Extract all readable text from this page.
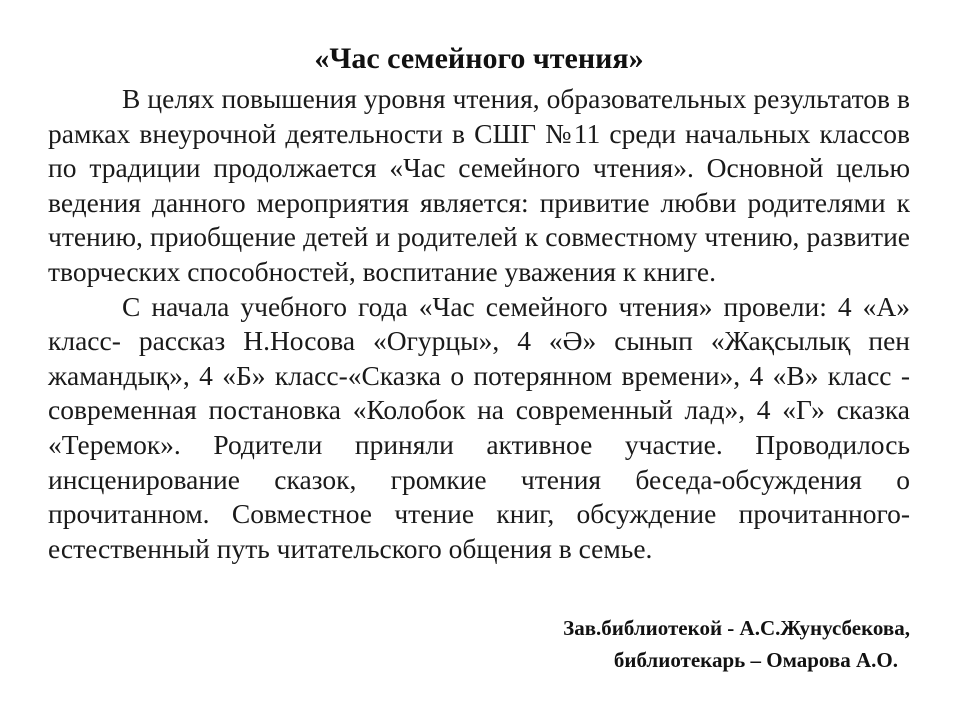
«Час семейного чтения»

В целях повышения уровня чтения, образовательных результатов в рамках внеурочной деятельности в СШГ №11 среди начальных классов по традиции продолжается «Час семейного чтения». Основной целью ведения данного мероприятия является: привитие любви родителями к чтению, приобщение детей и родителей к совместному чтению, развитие творческих способностей, воспитание уважения к книге.

С начала учебного года «Час семейного чтения» провели: 4 «А» класс- рассказ Н.Носова «Огурцы», 4 «Ә» сынып «Жақсылық пен жамандық», 4 «Б» класс-«Сказка о потерянном времени», 4 «В» класс - современная постановка «Колобок на современный лад», 4 «Г» сказка «Теремок». Родители приняли активное участие. Проводилось инсценирование сказок, громкие чтения беседа-обсуждения о прочитанном. Совместное чтение книг, обсуждение прочитанного-естественный путь читательского общения в семье.

Зав.библиотекой - А.С.Жунусбекова,
библиотекарь – Омарова А.О.
